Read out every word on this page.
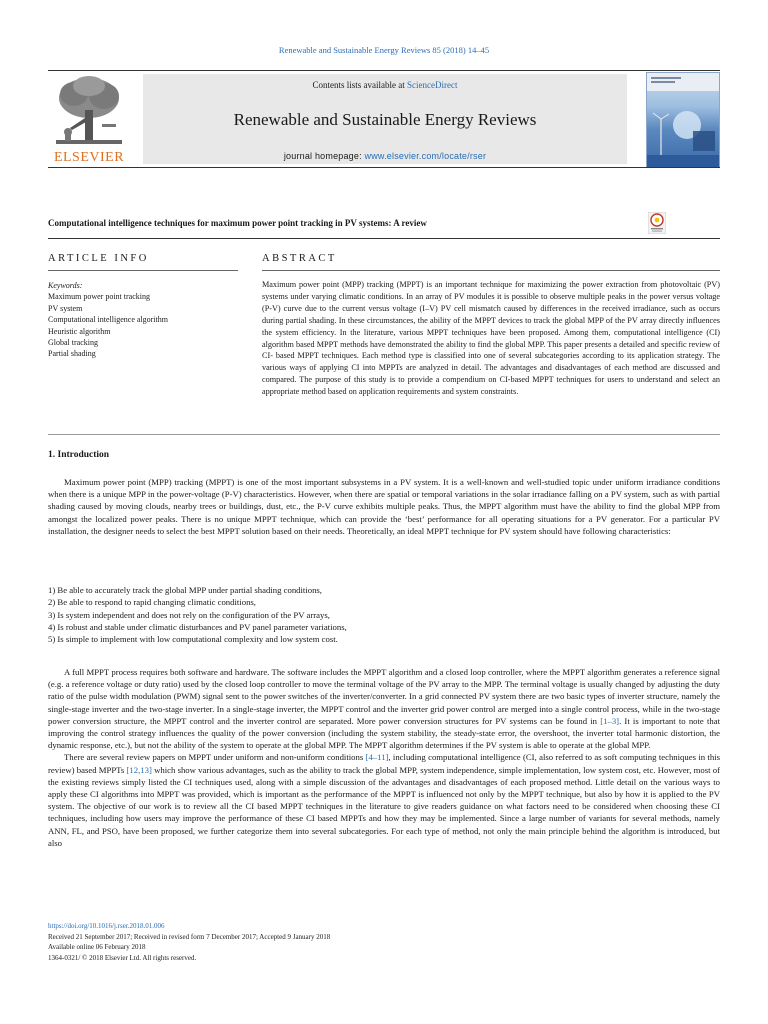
Renewable and Sustainable Energy Reviews 85 (2018) 14–45
ELSEVIER
Contents lists available at ScienceDirect
Renewable and Sustainable Energy Reviews
journal homepage: www.elsevier.com/locate/rser
Computational intelligence techniques for maximum power point tracking in PV systems: A review
ARTICLE INFO	ABSTRACT
Keywords:
Maximum power point tracking
PV system
Computational intelligence algorithm
Heuristic algorithm
Global tracking
Partial shading
Maximum power point (MPP) tracking (MPPT) is an important technique for maximizing the power extraction from photovoltaic (PV) systems under varying climatic conditions. In an array of PV modules it is possible to observe multiple peaks in the power versus voltage (P-V) curve due to the current versus voltage (I–V) PV cell mismatch caused by differences in the received irradiance, such as occurs during partial shading. In these circumstances, the ability of the MPPT devices to track the global MPP of the PV array directly influences the system efficiency. In the literature, various MPPT techniques have been proposed. Among them, computational intelligence (CI) algorithm based MPPT methods have demonstrated the ability to find the global MPP. This paper presents a detailed and specific review of CI- based MPPT techniques. Each method type is classified into one of several subcategories according to its application strategy. The various ways of applying CI into MPPTs are analyzed in detail. The advantages and disadvantages of each method are discussed and compared. The purpose of this study is to provide a compendium on CI-based MPPT techniques for users to understand and select an appropriate method based on application requirements and system constraints.
1. Introduction

Maximum power point (MPP) tracking (MPPT) is one of the most important subsystems in a PV system. It is a well-known and well-studied topic under uniform irradiance conditions when there is a unique MPP in the power-voltage (P-V) characteristics. However, when there are spatial or temporal variations in the solar irradiance falling on a PV system, such as with partial shading caused by moving clouds, nearby trees or buildings, dust, etc., the P-V curve exhibits multiple peaks. Thus, the MPPT algorithm must have the ability to find the global MPP from amongst the localized power peaks. There is no unique MPPT technique, which can provide the ‘best’ performance for all operating situations for a PV generator. For a particular PV installation, the designer needs to select the best MPPT solution based on their needs. Theoretically, an ideal MPPT technique for PV system should have following characteristics:

1) Be able to accurately track the global MPP under partial shading conditions,
2) Be able to respond to rapid changing climatic conditions,
3) Is system independent and does not rely on the configuration of the PV arrays,
4) Is robust and stable under climatic disturbances and PV panel parameter variations,
5) Is simple to implement with low computational complexity and low system cost.

A full MPPT process requires both software and hardware. The software includes the MPPT algorithm and a closed loop controller, where the MPPT algorithm generates a reference signal (e.g. a reference voltage or duty ratio) used by the closed loop controller to move the terminal voltage of the PV array to the MPP. The terminal voltage is usually changed by adjusting the duty ratio of the pulse width modulation (PWM) signal sent to the power switches of the inverter/converter. In a grid connected PV system there are two basic types of inverter structure, namely the single-stage inverter and the two-stage inverter. In a single-stage inverter, the MPPT control and the inverter grid power control are merged into a single control process, while in the two-stage power conversion structure, the MPPT control and the inverter control are separated. More power conversion structures for PV systems can be found in [1–3]. It is important to note that improving the control strategy influences the quality of the power conversion (including the system stability, the steady-state error, the overshoot, the inverter total harmonic distortion, the dynamic response, etc.), but not the ability of the system to operate at the global MPP. The MPPT algorithm determines if the PV system is able to operate at the global MPP.

There are several review papers on MPPT under uniform and non-uniform conditions [4–11], including computational intelligence (CI, also referred to as soft computing techniques in this review) based MPPTs [12,13] which show various advantages, such as the ability to track the global MPP, system independence, simple implementation, low system cost, etc. However, most of the existing reviews simply listed the CI techniques used, along with a simple discussion of the advantages and disadvantages of each proposed method. Little detail on the various ways to apply these CI algorithms into MPPT was provided, which is important as the performance of the MPPT is influenced not only by the MPPT technique, but also by how it is applied to the PV system. The objective of our work is to review all the CI based MPPT techniques in the literature to give readers guidance on what factors need to be considered when choosing these CI techniques, including how users may improve the performance of these CI based MPPTs and how they may be implemented. Since a large number of variants for several methods, namely ANN, FL, and PSO, have been proposed, we further categorize them into several subcategories. For each type of method, not only the main principle behind the algorithm is introduced, but also

https://doi.org/10.1016/j.rser.2018.01.006
Received 21 September 2017; Received in revised form 7 December 2017; Accepted 9 January 2018
Available online 06 February 2018
1364-0321/ © 2018 Elsevier Ltd. All rights reserved.
